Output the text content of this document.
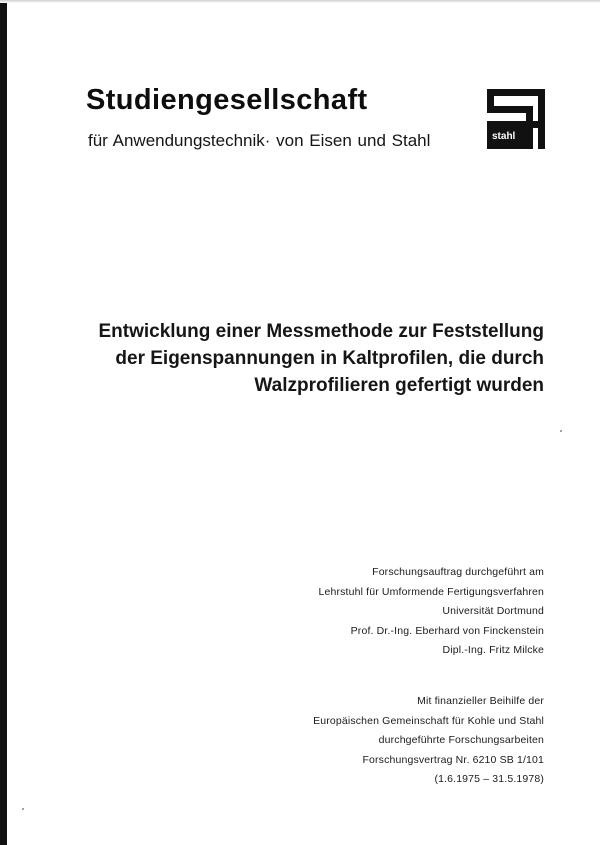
Studiengesellschaft
für Anwendungstechnik· von Eisen und Stahl	stahl
Entwicklung einer Messmethode zur Feststellung
der Eigenspannungen in Kaltprofilen, die durch
Walzprofilieren gefertigt wurden
Forschungsauftrag durchgeführt am
Lehrstuhl für Umformende Fertigungsverfahren
Universität Dortmund
Prof. Dr.-Ing. Eberhard von Finckenstein
Dipl.-Ing. Fritz Milcke
Mit finanzieller Beihilfe der
Europäischen Gemeinschaft für Kohle und Stahl
durchgeführte Forschungsarbeiten
Forschungsvertrag Nr. 6210 SB 1/101
(1.6.1975 – 31.5.1978)
